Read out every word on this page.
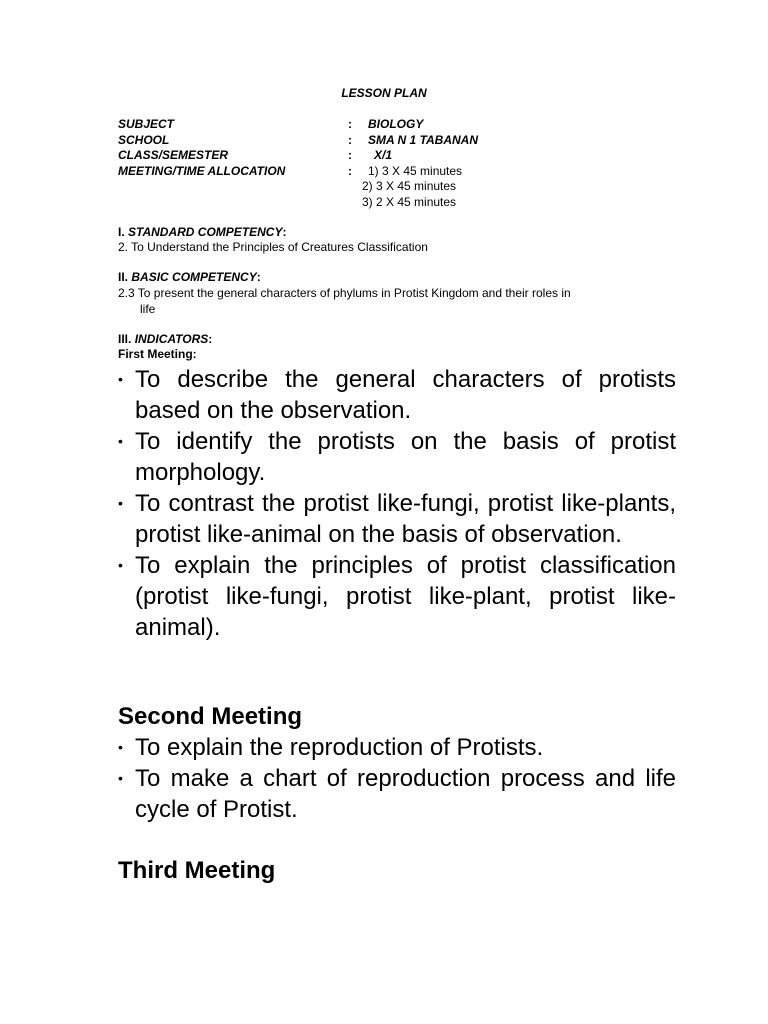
LESSON PLAN
SUBJECT	:	BIOLOGY
SCHOOL	:	SMA N 1 TABANAN
CLASS/SEMESTER	:	X/1
MEETING/TIME ALLOCATION	:	1) 3 X 45 minutes
2) 3 X 45 minutes
3) 2 X 45 minutes
I. STANDARD COMPETENCY:
2. To Understand the Principles of Creatures Classification
II. BASIC COMPETENCY:
2.3 To present the general characters of phylums in Protist Kingdom and their roles in
life
III. INDICATORS:
First Meeting:
• To describe the general characters of protists based on the observation.
• To identify the protists on the basis of protist morphology.
• To contrast the protist like-fungi, protist like-plants, protist like-animal on the basis of observation.
• To explain the principles of protist classification (protist like-fungi, protist like-plant, protist like-animal).
Second Meeting
• To explain the reproduction of Protists.
• To make a chart of reproduction process and life cycle of Protist.
Third Meeting
